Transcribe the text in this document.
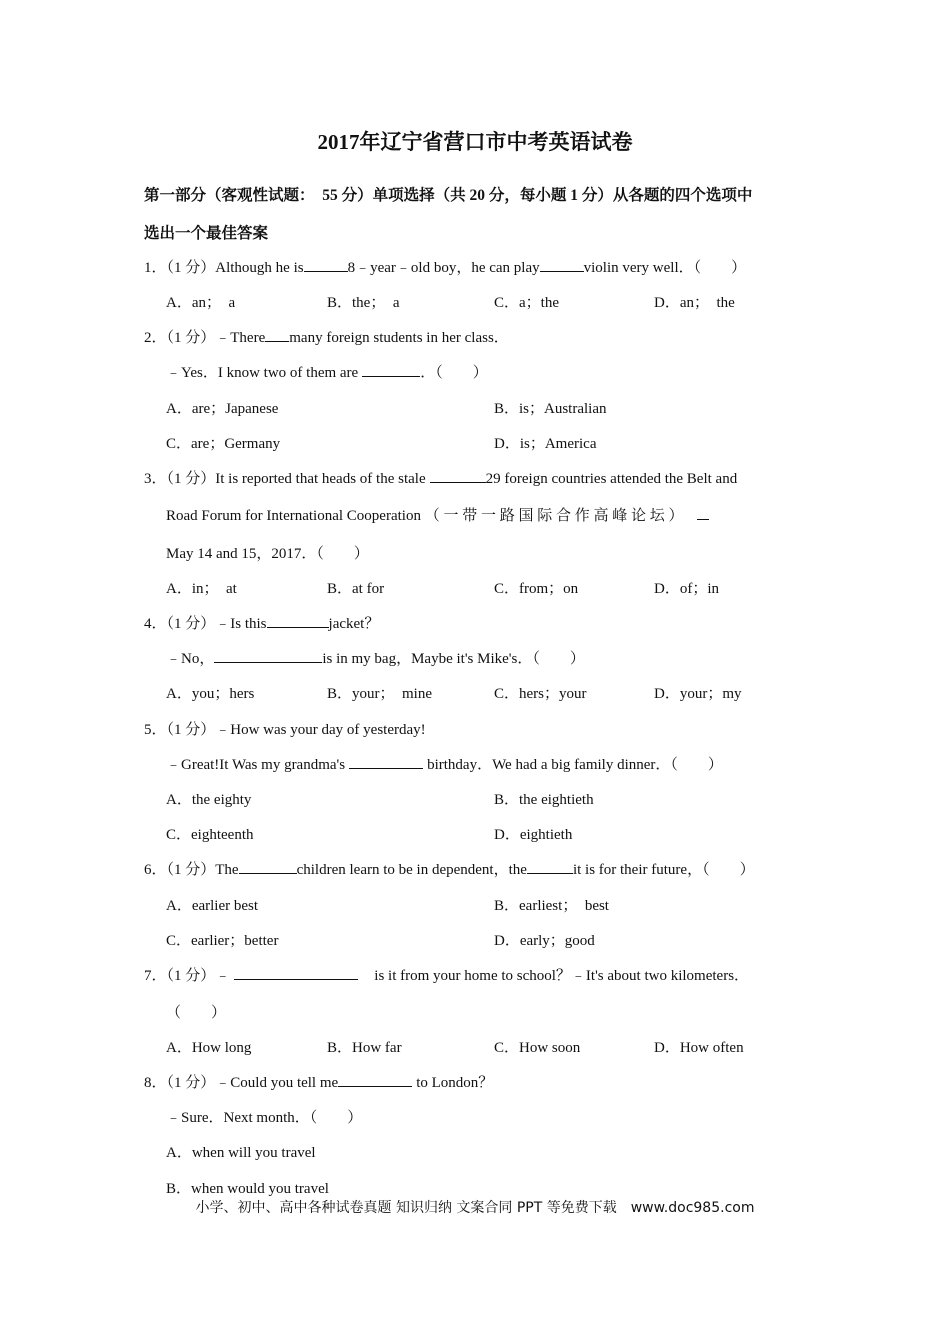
2017年辽宁省营口市中考英语试卷
第一部分（客观性试题：　55 分）单项选择（共 20 分，每小题 1 分）从各题的四个选项中
选出一个最佳答案
1．（1 分）Although he is	8﹣year﹣old boy，he can play	violin very well．（　　）
A．an；　a	B．the；　a	C．a；the	D．an；　the
2．（1 分）﹣There many foreign students in her class．
﹣Yes．I know two of them are	．（　　）
A．are；Japanese	B．is；Australian
C．are；Germany	D．is；America
3．（1 分）It is reported that heads of the stale	29 foreign countries attended the Belt and
Road Forum for International Cooperation （ 一 带 一 路 国 际 合 作 高 峰 论 坛 ）
May 14 and 15，2017．（　　）
A．in；　at	B．at for	C．from；on	D．of；in
4．（1 分）﹣Is this	jacket？
﹣No，	is in my bag，Maybe it's Mike's．（　　）
A．you；hers	B．your；　mine	C．hers；your	D．your；my
5．（1 分）﹣How was your day of yesterday!
﹣Great!It Was my grandma's	birthday．We had a big family dinner．（　　）
A．the eighty	B．the eightieth
C．eighteenth	D．eightieth
6．（1 分）The	children learn to be in dependent，the	it is for their future，（　　）
A．earlier best	B．earliest；　best
C．earlier；better	D．early；good
7．（1 分）﹣	is it from your home to school？﹣It's about two kilometers．
（　　）
A．How long	B．How far	C．How soon	D．How often
8．（1 分）﹣Could you tell me	to London？
﹣Sure．Next month．（　　）
A．when will you travel
B．when would you travel
小学、初中、高中各种试卷真题 知识归纳 文案合同 PPT 等免费下载　www.doc985.com
